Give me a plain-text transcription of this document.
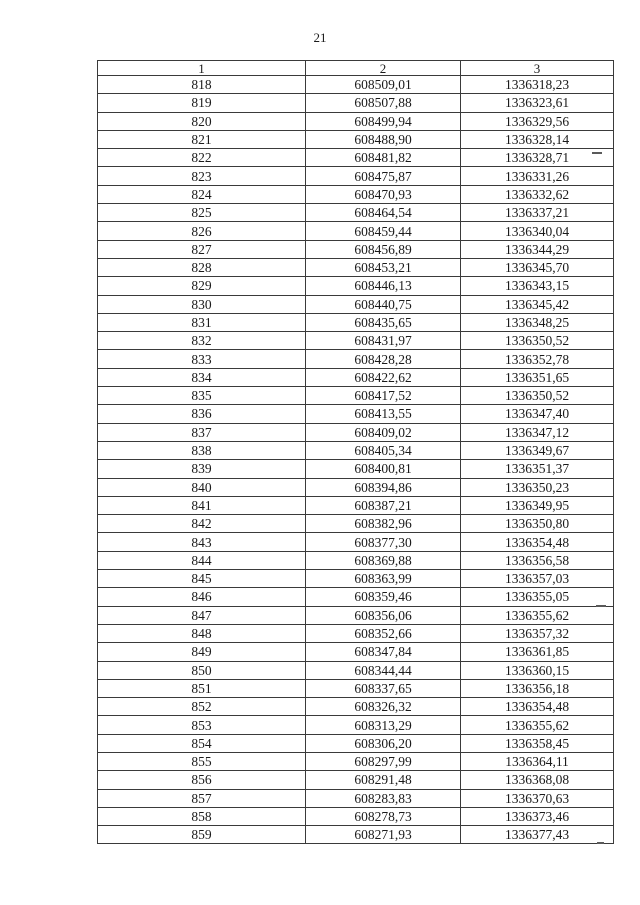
21
1	2	3
818	608509,01	1336318,23
819	608507,88	1336323,61
820	608499,94	1336329,56
821	608488,90	1336328,14
822	608481,82	1336328,71
823	608475,87	1336331,26
824	608470,93	1336332,62
825	608464,54	1336337,21
826	608459,44	1336340,04
827	608456,89	1336344,29
828	608453,21	1336345,70
829	608446,13	1336343,15
830	608440,75	1336345,42
831	608435,65	1336348,25
832	608431,97	1336350,52
833	608428,28	1336352,78
834	608422,62	1336351,65
835	608417,52	1336350,52
836	608413,55	1336347,40
837	608409,02	1336347,12
838	608405,34	1336349,67
839	608400,81	1336351,37
840	608394,86	1336350,23
841	608387,21	1336349,95
842	608382,96	1336350,80
843	608377,30	1336354,48
844	608369,88	1336356,58
845	608363,99	1336357,03
846	608359,46	1336355,05
847	608356,06	1336355,62
848	608352,66	1336357,32
849	608347,84	1336361,85
850	608344,44	1336360,15
851	608337,65	1336356,18
852	608326,32	1336354,48
853	608313,29	1336355,62
854	608306,20	1336358,45
855	608297,99	1336364,11
856	608291,48	1336368,08
857	608283,83	1336370,63
858	608278,73	1336373,46
859	608271,93	1336377,43
